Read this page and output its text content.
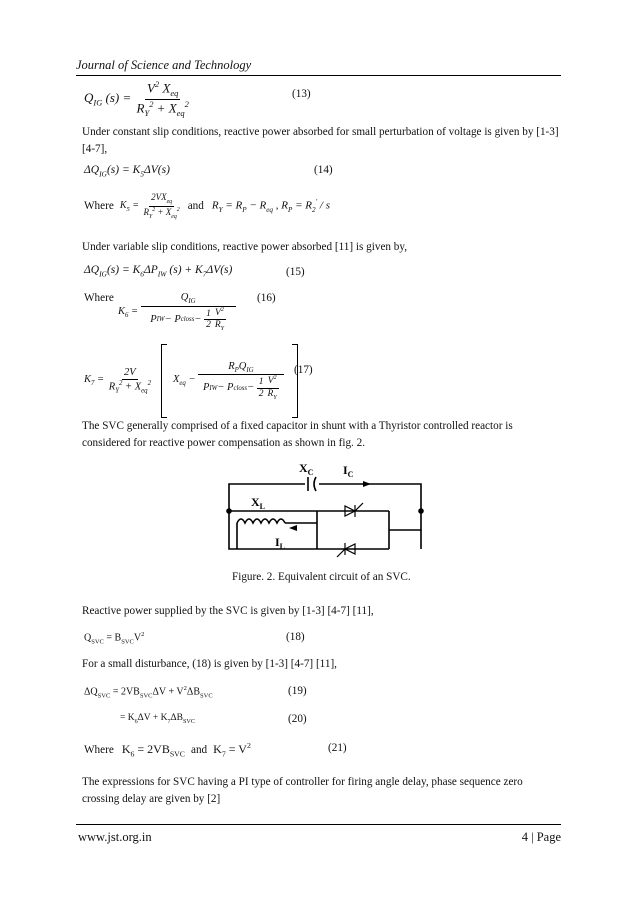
Journal of Science and Technology
$Q_{IG}$ $(s) = \frac{V^2 X_{eq}}{R_Y^2 + X_{eq}^2}$	(13)
Under constant slip conditions, reactive power absorbed for small perturbation of voltage is given by [1-3] [4-7],
$\Delta Q_{IG}(s) = K_5\Delta V(s)$	(14)
Where $K_5 = \frac{2VX_{eq}}{R_Y^2 + X_{eq}^2}$ and $R_Y = R_P - R_{eq}$ , $R_P = R_2' / s$
Under variable slip conditions, reactive power absorbed [11] is given by,
$\Delta Q_{IG}(s) = K_6\Delta P_{IW}$ $(s) + K_7\Delta V(s)$	(15)
Where
$K_6 = \frac{Q_{IG}}{P IW - P closs - \frac{1}{2} \frac{V^2}{R_Y}} (16)$
$K_7 = \frac{2V}{R_Y^2 + X_{eq}^2} X_{eq} - \frac{R_PQ_{IG}}{P IW - P closs - \frac{1}{2} \frac{V^2}{R_Y}} (17)$
The SVC generally comprised of a fixed capacitor in shunt with a Thyristor controlled reactor is considered for reactive power compensation as shown in fig. 2.
$X_C$ $I_C$
$X_L$
$I_L$
Figure. 2. Equivalent circuit of an SVC.
Reactive power supplied by the SVC is given by [1-3] [4-7] [11],
$Q_{SVC} = B_{SVC}V^2$	(18)
For a small disturbance, (18) is given by [1-3] [4-7] [11],
$\Delta Q_{SVC} = 2VB_{SVC}\Delta V + V^2\Delta B_{SVC}$	(19)
= $K_6\Delta V + K_7\Delta B_{SVC}$	(20)
Where $K_6 = 2VB_{SVC}$ and $K_7 = V^2$	(21)
The expressions for SVC having a PI type of controller for firing angle delay, phase sequence zero crossing delay are given by [2]
www.jst.org.in	4 | Page
